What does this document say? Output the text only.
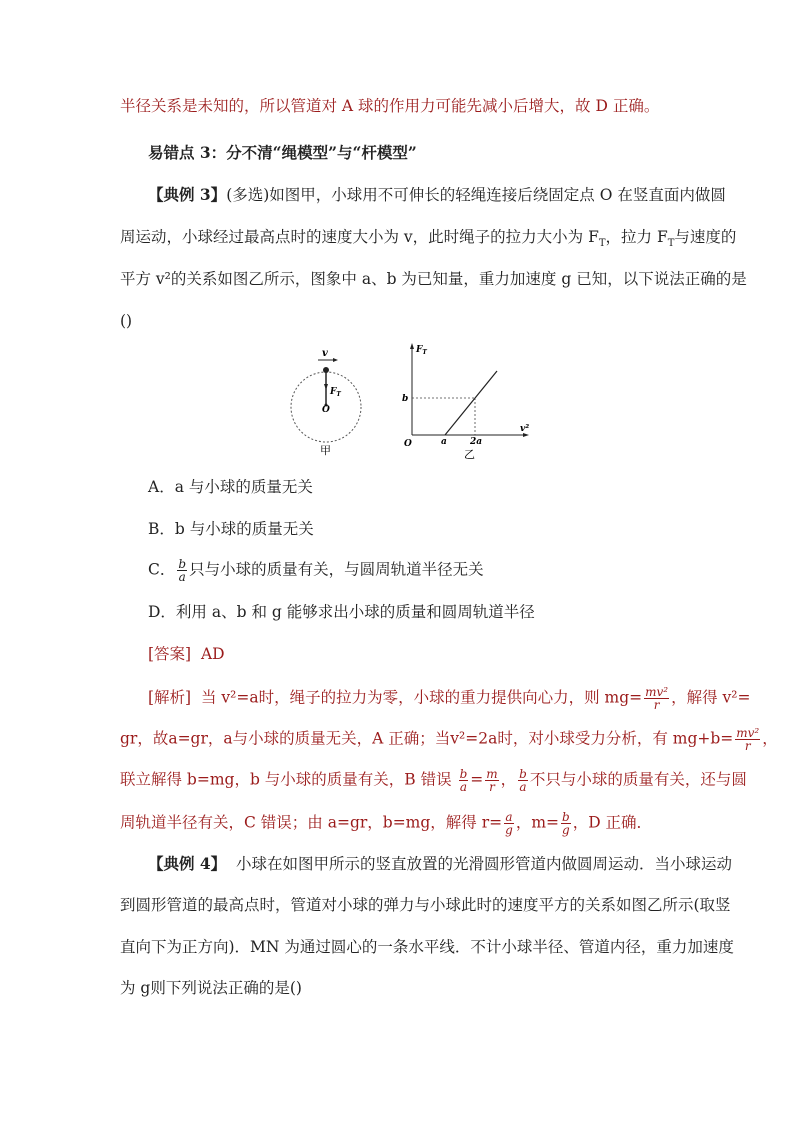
半径关系是未知的，所以管道对 A 球的作用力可能先减小后增大，故 D 正确。
易错点 3：分不清“绳模型”与“杆模型”
【典例 3】(多选)如图甲，小球用不可伸长的轻绳连接后绕固定点 O 在竖直面内做圆
周运动，小球经过最高点时的速度大小为 v，此时绳子的拉力大小为 $F_T$，拉力 $F_T$与速度的
平方 v²的关系如图乙所示，图象中 a、b 为已知量，重力加速度 g 已知，以下说法正确的是
()
v
$F_T$
O
甲
$F_T$
v²
O
b
a	2a
乙
A．a 与小球的质量无关
B．b 与小球的质量无关
C． $\frac{b}{a}$ 只与小球的质量有关，与圆周轨道半径无关
D．利用 a、b 和 g 能够求出小球的质量和圆周轨道半径
[答案] AD
[解析] 当 v²=a时，绳子的拉力为零，小球的重力提供向心力，则 $mg= \frac{\text{mv²}}{r}$ ，解得 v²=
gr，故a=gr，a与小球的质量无关，A 正确；当v²=2a时，对小球受力分析，有 $mg+b= \frac{\text{mv²}}{r}$ ，
联立解得 b=mg，b 与小球的质量有关，B 错误 $\frac{b}{a} = \frac{m}{r}$ ， $\frac{b}{a}$ 不只与小球的质量有关，还与圆
周轨道半径有关，C 错误；由 a=gr，b=mg，解得 $r= \frac{a}{g}$ ，$m= \frac{b}{g}$ ，D 正确．
【典例 4】 小球在如图甲所示的竖直放置的光滑圆形管道内做圆周运动．当小球运动
到圆形管道的最高点时，管道对小球的弹力与小球此时的速度平方的关系如图乙所示(取竖
直向下为正方向)．MN 为通过圆心的一条水平线．不计小球半径、管道内径，重力加速度
为 g则下列说法正确的是()
